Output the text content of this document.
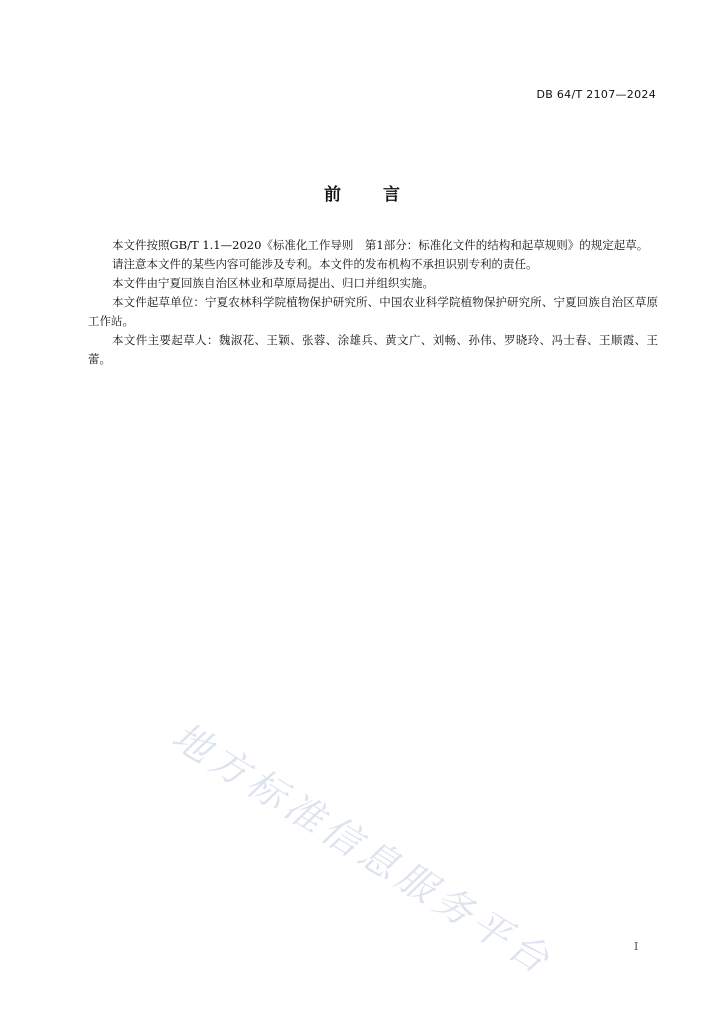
DB 64/T 2107—2024
前 言

本文件按照GB/T 1.1—2020《标准化工作导则　第1部分：标准化文件的结构和起草规则》的规定起草。

请注意本文件的某些内容可能涉及专利。本文件的发布机构不承担识别专利的责任。

本文件由宁夏回族自治区林业和草原局提出、归口并组织实施。

本文件起草单位：宁夏农林科学院植物保护研究所、中国农业科学院植物保护研究所、宁夏回族自治区草原工作站。

本文件主要起草人：魏淑花、王颖、张蓉、涂雄兵、黄文广、刘畅、孙伟、罗晓玲、冯士春、王顺霞、王蕾。

地方标准信息服务平台	I
